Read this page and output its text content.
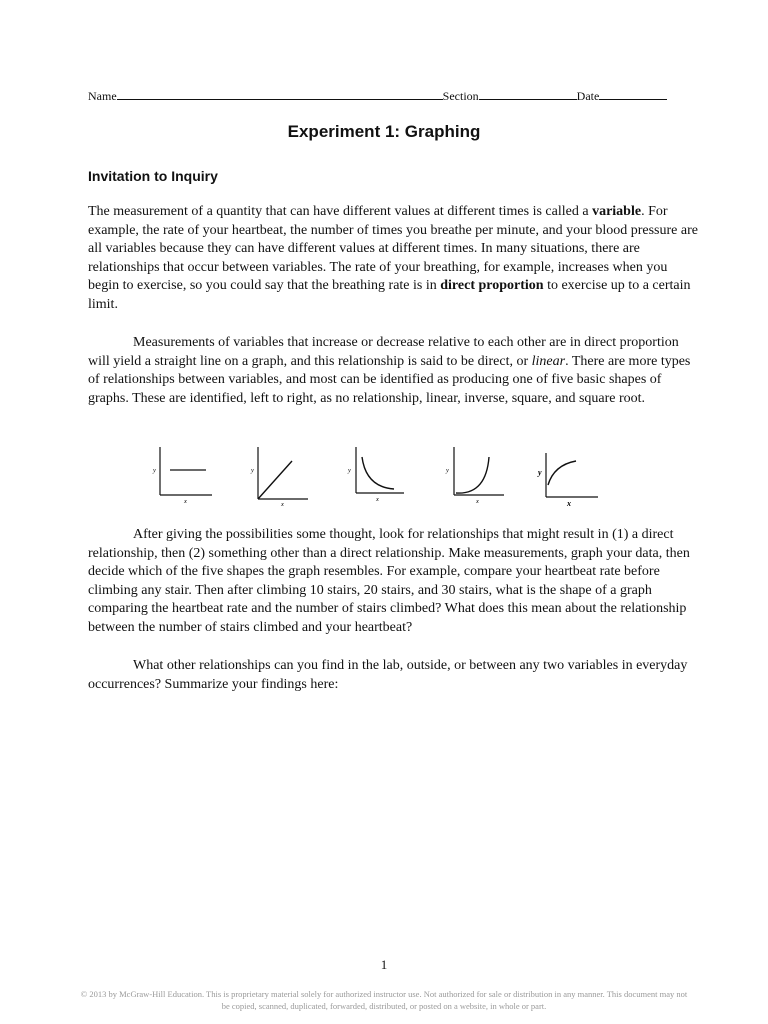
Name	Section	Date
Experiment 1: Graphing
Invitation to Inquiry

The measurement of a quantity that can have different values at different times is called a variable. For example, the rate of your heartbeat, the number of times you breathe per minute, and your blood pressure are all variables because they can have different values at different times. In many situations, there are relationships that occur between variables. The rate of your breathing, for example, increases when you begin to exercise, so you could say that the breathing rate is in direct proportion to exercise up to a certain limit.

Measurements of variables that increase or decrease relative to each other are in direct proportion will yield a straight line on a graph, and this relationship is said to be direct, or linear. There are more types of relationships between variables, and most can be identified as producing one of five basic shapes of graphs. These are identified, left to right, as no relationship, linear, inverse, square, and square root.

y
x
y
x
y
x
y
x
y
x

After giving the possibilities some thought, look for relationships that might result in (1) a direct relationship, then (2) something other than a direct relationship. Make measurements, graph your data, then decide which of the five shapes the graph resembles. For example, compare your heartbeat rate before climbing any stair. Then after climbing 10 stairs, 20 stairs, and 30 stairs, what is the shape of a graph comparing the heartbeat rate and the number of stairs climbed? What does this mean about the relationship between the number of stairs climbed and your heartbeat?

What other relationships can you find in the lab, outside, or between any two variables in everyday occurrences? Summarize your findings here:

1
© 2013 by McGraw-Hill Education. This is proprietary material solely for authorized instructor use. Not authorized for sale or distribution in any manner. This document may not be copied, scanned, duplicated, forwarded, distributed, or posted on a website, in whole or part.
